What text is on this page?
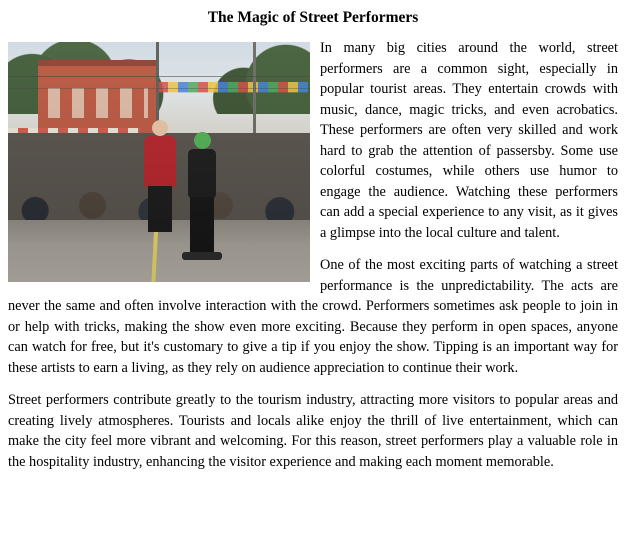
The Magic of Street Performers

In many big cities around the world, street performers are a common sight, especially in popular tourist areas. They entertain crowds with music, dance, magic tricks, and even acrobatics. These performers are often very skilled and work hard to grab the attention of passersby. Some use colorful costumes, while others use humor to engage the audience. Watching these performers can add a special experience to any visit, as it gives a glimpse into the local culture and talent.

One of the most exciting parts of watching a street performance is the unpredictability. The acts are never the same and often involve interaction with the crowd. Performers sometimes ask people to join in or help with tricks, making the show even more exciting. Because they perform in open spaces, anyone can watch for free, but it's customary to give a tip if you enjoy the show. Tipping is an important way for these artists to earn a living, as they rely on audience appreciation to continue their work.

Street performers contribute greatly to the tourism industry, attracting more visitors to popular areas and creating lively atmospheres. Tourists and locals alike enjoy the thrill of live entertainment, which can make the city feel more vibrant and welcoming. For this reason, street performers play a valuable role in the hospitality industry, enhancing the visitor experience and making each moment memorable.
